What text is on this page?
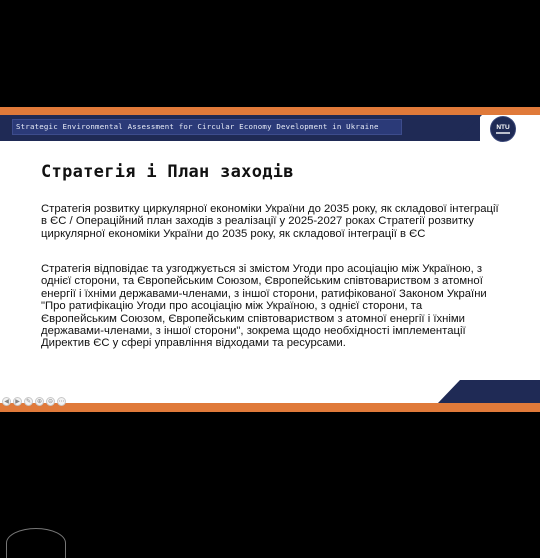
Strategic Environmental Assessment for Circular Economy Development in Ukraine	NTU
Стратегія і План заходів
Стратегія розвитку циркулярної економіки України до 2035 року, як складової інтеграції в ЄС / Операційний план заходів з реалізації у 2025-2027 роках Стратегії розвитку циркулярної економіки України до 2035 року, як складової інтеграції в ЄС
Стратегія відповідає та узгоджується зі змістом Угоди про асоціацію між Україною, з однієї сторони, та Європейським Союзом, Європейським співтовариством з атомної енергії і їхніми державами-членами, з іншої сторони, ратифікованої Законом України "Про ратифікацію Угоди про асоціацію між Україною, з однієї сторони, та Європейським Союзом, Європейським співтовариством з атомної енергії і їхніми державами-членами, з іншої сторони", зокрема щодо необхідності імплементації Директив ЄС у сфері управління відходами та ресурсами.
◀	▶	✎ ⊕ ⊖ ⋯
